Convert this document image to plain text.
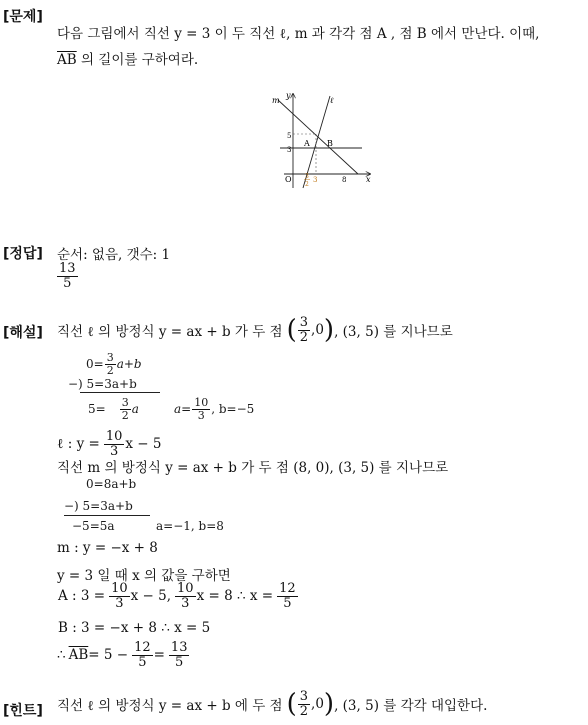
[문제]
다음 그림에서 직선 y = 3 이 두 직선 ℓ, m 과 각각 점 A , 점 B 에서 만난다. 이때,
$\overline{AB}$ 의 길이를 구하여라.
m	ℓ
y
x
O
5
3
A B
8
3
3
2
[정답] 순서: 없음, 갯수: 1
$\frac{13}{5}$
[해설] 직선 ℓ 의 방정식 y = ax + b 가 두 점 ( $\frac{3}{2} ,0$ ) , (3, 5) 를 지나므로
$0= \frac{3}{2} a+b$
−) 5=3a+b
$5= \frac{3}{2}$ a	$a= \frac{10}{3}$ , b=−5
ℓ : $y = \frac{10}{3}$ x − 5
직선 m 의 방정식 y = ax + b 가 두 점 (8, 0), (3, 5) 를 지나므로
0=8a+b
−) 5=3a+b
−5=5a	a=−1, b=8
m : y = −x + 8
y = 3 일 때 x 의 값을 구하면
A : $3 = \frac{10}{3}$ x − 5, $\frac{10}{3}$ x = 8 ∴ $x = \frac{12}{5}$
B : 3 = −x + 8 ∴ x = 5
∴ $\overline{AB} = 5 - \frac{12}{5} = \frac{13}{5}$
[힌트] 직선 ℓ 의 방정식 y = ax + b 에 두 점 ( $\frac{3}{2} ,0$ ) , (3, 5) 를 각각 대입한다.
